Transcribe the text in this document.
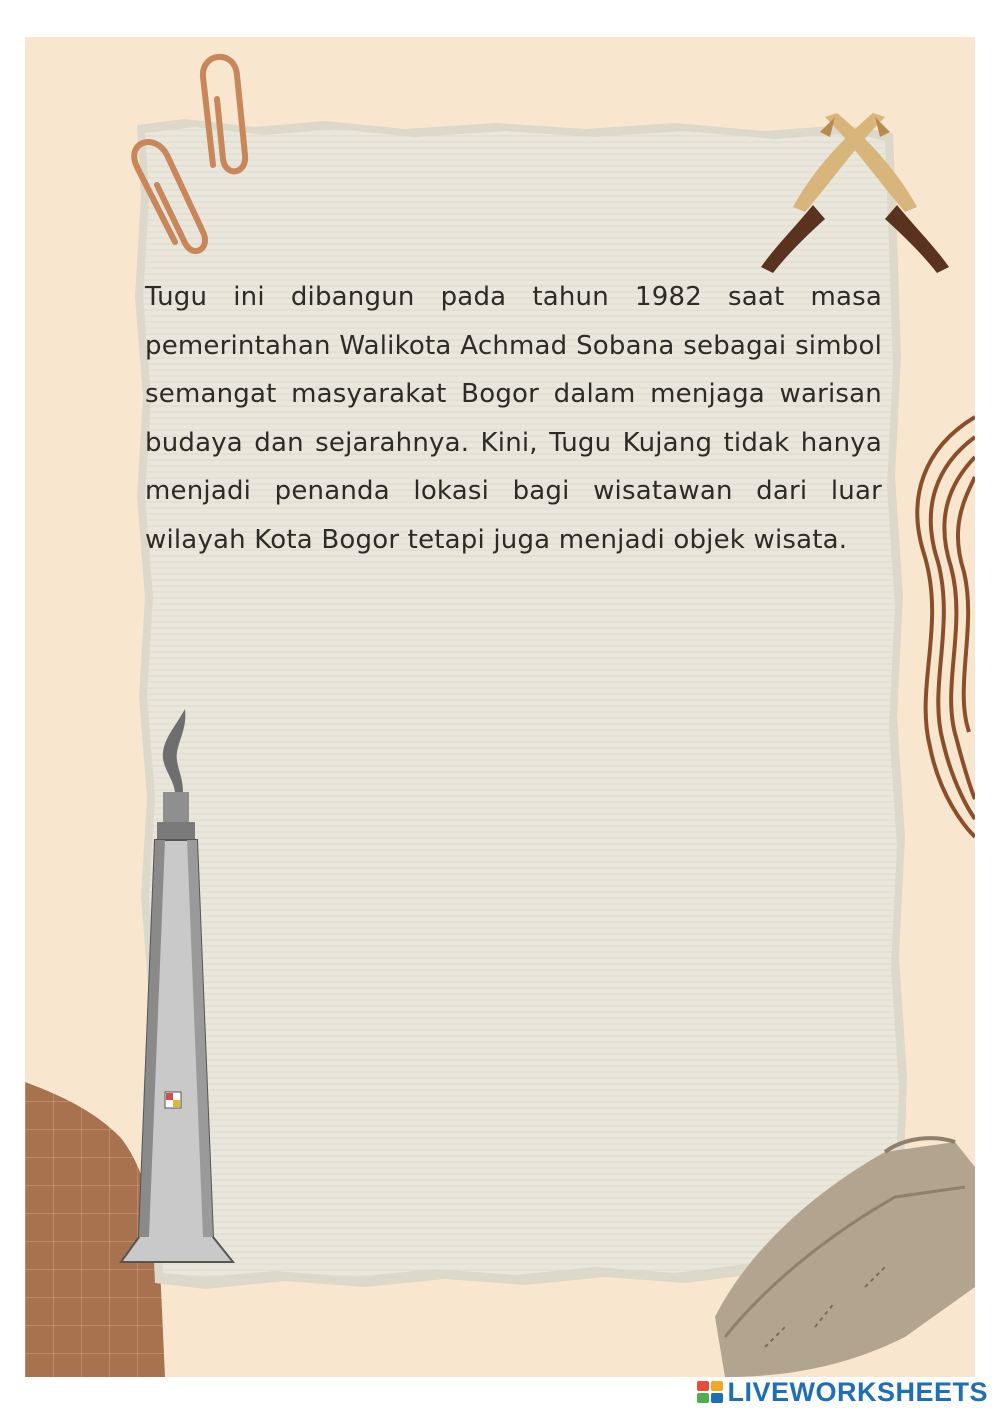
Tugu ini dibangun pada tahun 1982 saat masa pemerintahan Walikota Achmad Sobana sebagai simbol semangat masyarakat Bogor dalam menjaga warisan budaya dan sejarahnya. Kini, Tugu Kujang tidak hanya menjadi penanda lokasi bagi wisatawan dari luar wilayah Kota Bogor tetapi juga menjadi objek wisata.

LIVEWORKSHEETS
